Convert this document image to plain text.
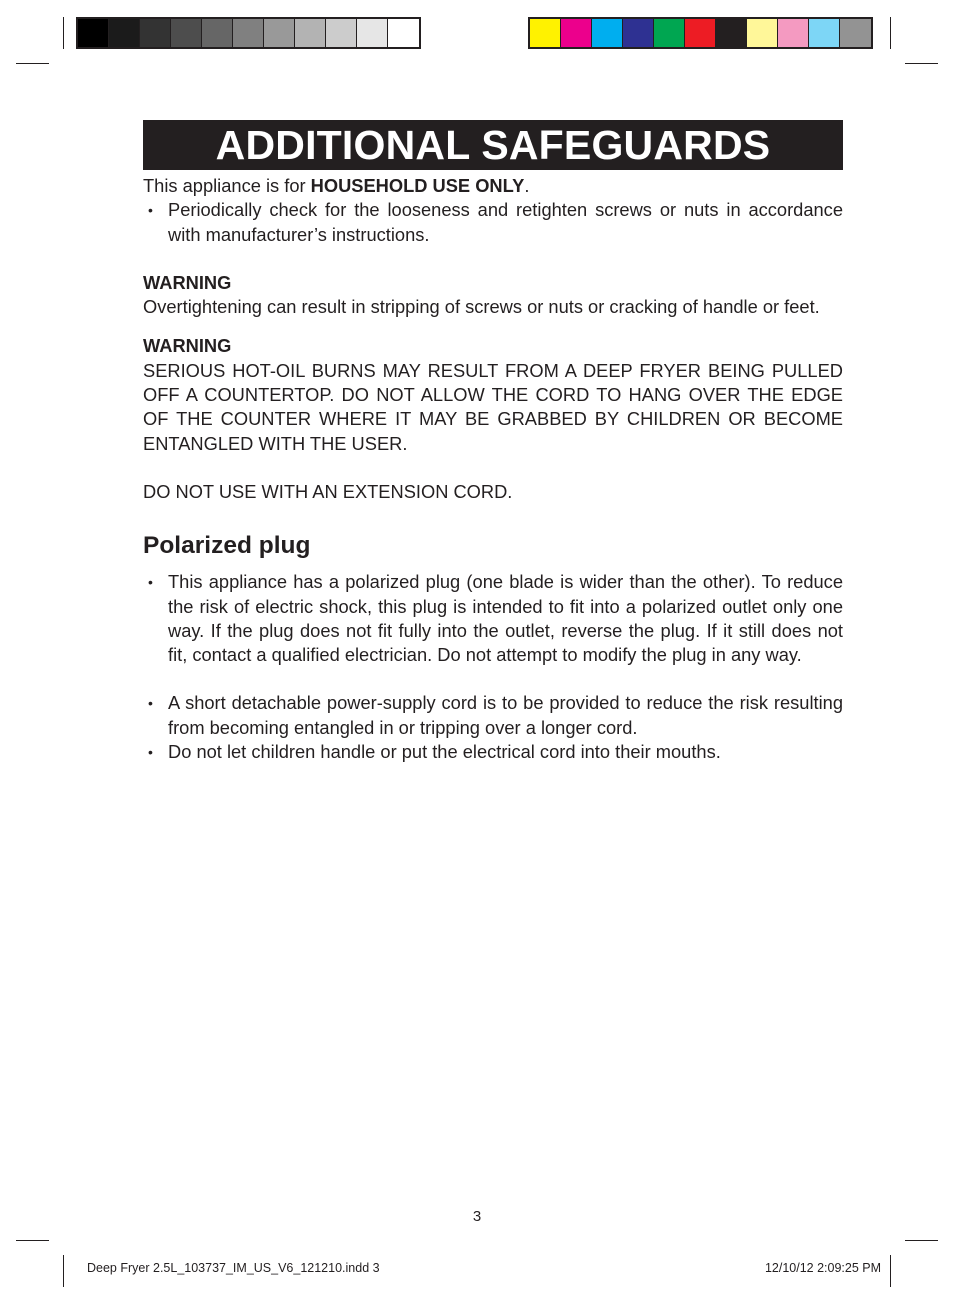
ADDITIONAL SAFEGUARDS

This appliance is for HOUSEHOLD USE ONLY.

• Periodically check for the looseness and retighten screws or nuts in accordance with manufacturer’s instructions.

WARNING

Overtightening can result in stripping of screws or nuts or cracking of handle or feet.

WARNING

SERIOUS HOT-OIL BURNS MAY RESULT FROM A DEEP FRYER BEING PULLED OFF A COUNTERTOP. DO NOT ALLOW THE CORD TO HANG OVER THE EDGE OF THE COUNTER WHERE IT MAY BE GRABBED BY CHILDREN OR BECOME ENTANGLED WITH THE USER.

DO NOT USE WITH AN EXTENSION CORD.

Polarized plug

• This appliance has a polarized plug (one blade is wider than the other). To reduce the risk of electric shock, this plug is intended to fit into a polarized outlet only one way. If the plug does not fit fully into the outlet, reverse the plug. If it still does not fit, contact a qualified electrician. Do not attempt to modify the plug in any way.
• A short detachable power-supply cord is to be provided to reduce the risk resulting from becoming entangled in or tripping over a longer cord.
• Do not let children handle or put the electrical cord into their mouths.
3
Deep Fryer 2.5L_103737_IM_US_V6_121210.indd 3	12/10/12 2:09:25 PM
